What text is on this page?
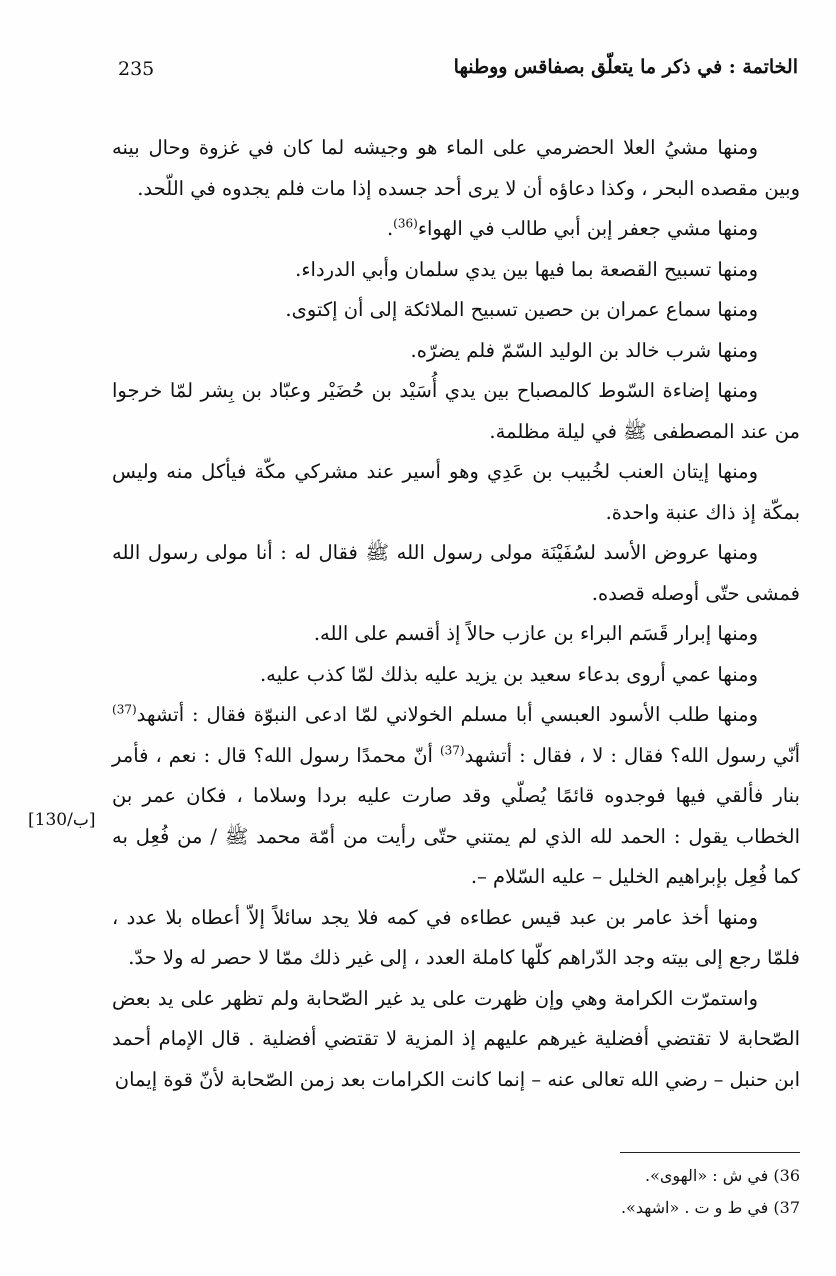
235	الخاتمة : في ذكر ما يتعلّق بصفاقس ووطنها

ومنها مشيُ العلا الحضرمي على الماء هو وجيشه لما كان في غزوة وحال بينه وبين مقصده البحر ، وكذا دعاؤه أن لا يرى أحد جسده إذا مات فلم يجدوه في اللّحد.

ومنها مشي جعفر إبن أبي طالب في الهواء$^{(36)}$.

ومنها تسبيح القصعة بما فيها بين يدي سلمان وأبي الدرداء.

ومنها سماع عمران بن حصين تسبيح الملائكة إلى أن إكتوى.

ومنها شرب خالد بن الوليد السّمّ فلم يضرّه.

ومنها إضاءة السّوط كالمصباح بين يدي أُسَيْد بن حُضَيْر وعبّاد بن بِشر لمّا خرجوا من عند المصطفى ﷺ في ليلة مظلمة.

ومنها إيتان العنب لخُبيب بن عَدِي وهو أسير عند مشركي مكّة فيأكل منه وليس بمكّة إذ ذاك عنبة واحدة.

ومنها عروض الأسد لسُفَيْنَة مولى رسول الله ﷺ فقال له : أنا مولى رسول الله فمشى حتّى أوصله قصده.

ومنها إبرار قَسَم البراء بن عازب حالاً إذ أقسم على الله.

ومنها عمي أروى بدعاء سعيد بن يزيد عليه بذلك لمّا كذب عليه.

ومنها طلب الأسود العبسي أبا مسلم الخولاني لمّا ادعى النبوّة فقال : أتشهد$^{(37)}$ أنّي رسول الله؟ فقال : لا ، فقال : أتشهد$^{(37)}$ أنّ محمدًا رسول الله؟ قال : نعم ، فأمر بنار فألقي فيها فوجدوه قائمًا يُصلّي وقد صارت عليه بردا وسلاما ، فكان عمر بن الخطاب يقول : الحمد لله الذي لم يمتني حتّى رأيت من أمّة محمد ﷺ / من فُعِل به كما فُعِل بإبراهيم الخليل – عليه السّلام –.

ومنها أخذ عامر بن عبد قيس عطاءه في كمه فلا يجد سائلاً إلاّ أعطاه بلا عدد ، فلمّا رجع إلى بيته وجد الدّراهم كلّها كاملة العدد ، إلى غير ذلك ممّا لا حصر له ولا حدّ.

واستمرّت الكرامة وهي وإن ظهرت على يد غير الصّحابة ولم تظهر على يد بعض الصّحابة لا تقتضي أفضلية غيرهم عليهم إذ المزية لا تقتضي أفضلية . قال الإمام أحمد ابن حنبل – رضي الله تعالى عنه – إنما كانت الكرامات بعد زمن الصّحابة لأنّ قوة إيمان

[130/ب]
36) في ش : «الهوى».
37) في ط و ت . «اشهد».
